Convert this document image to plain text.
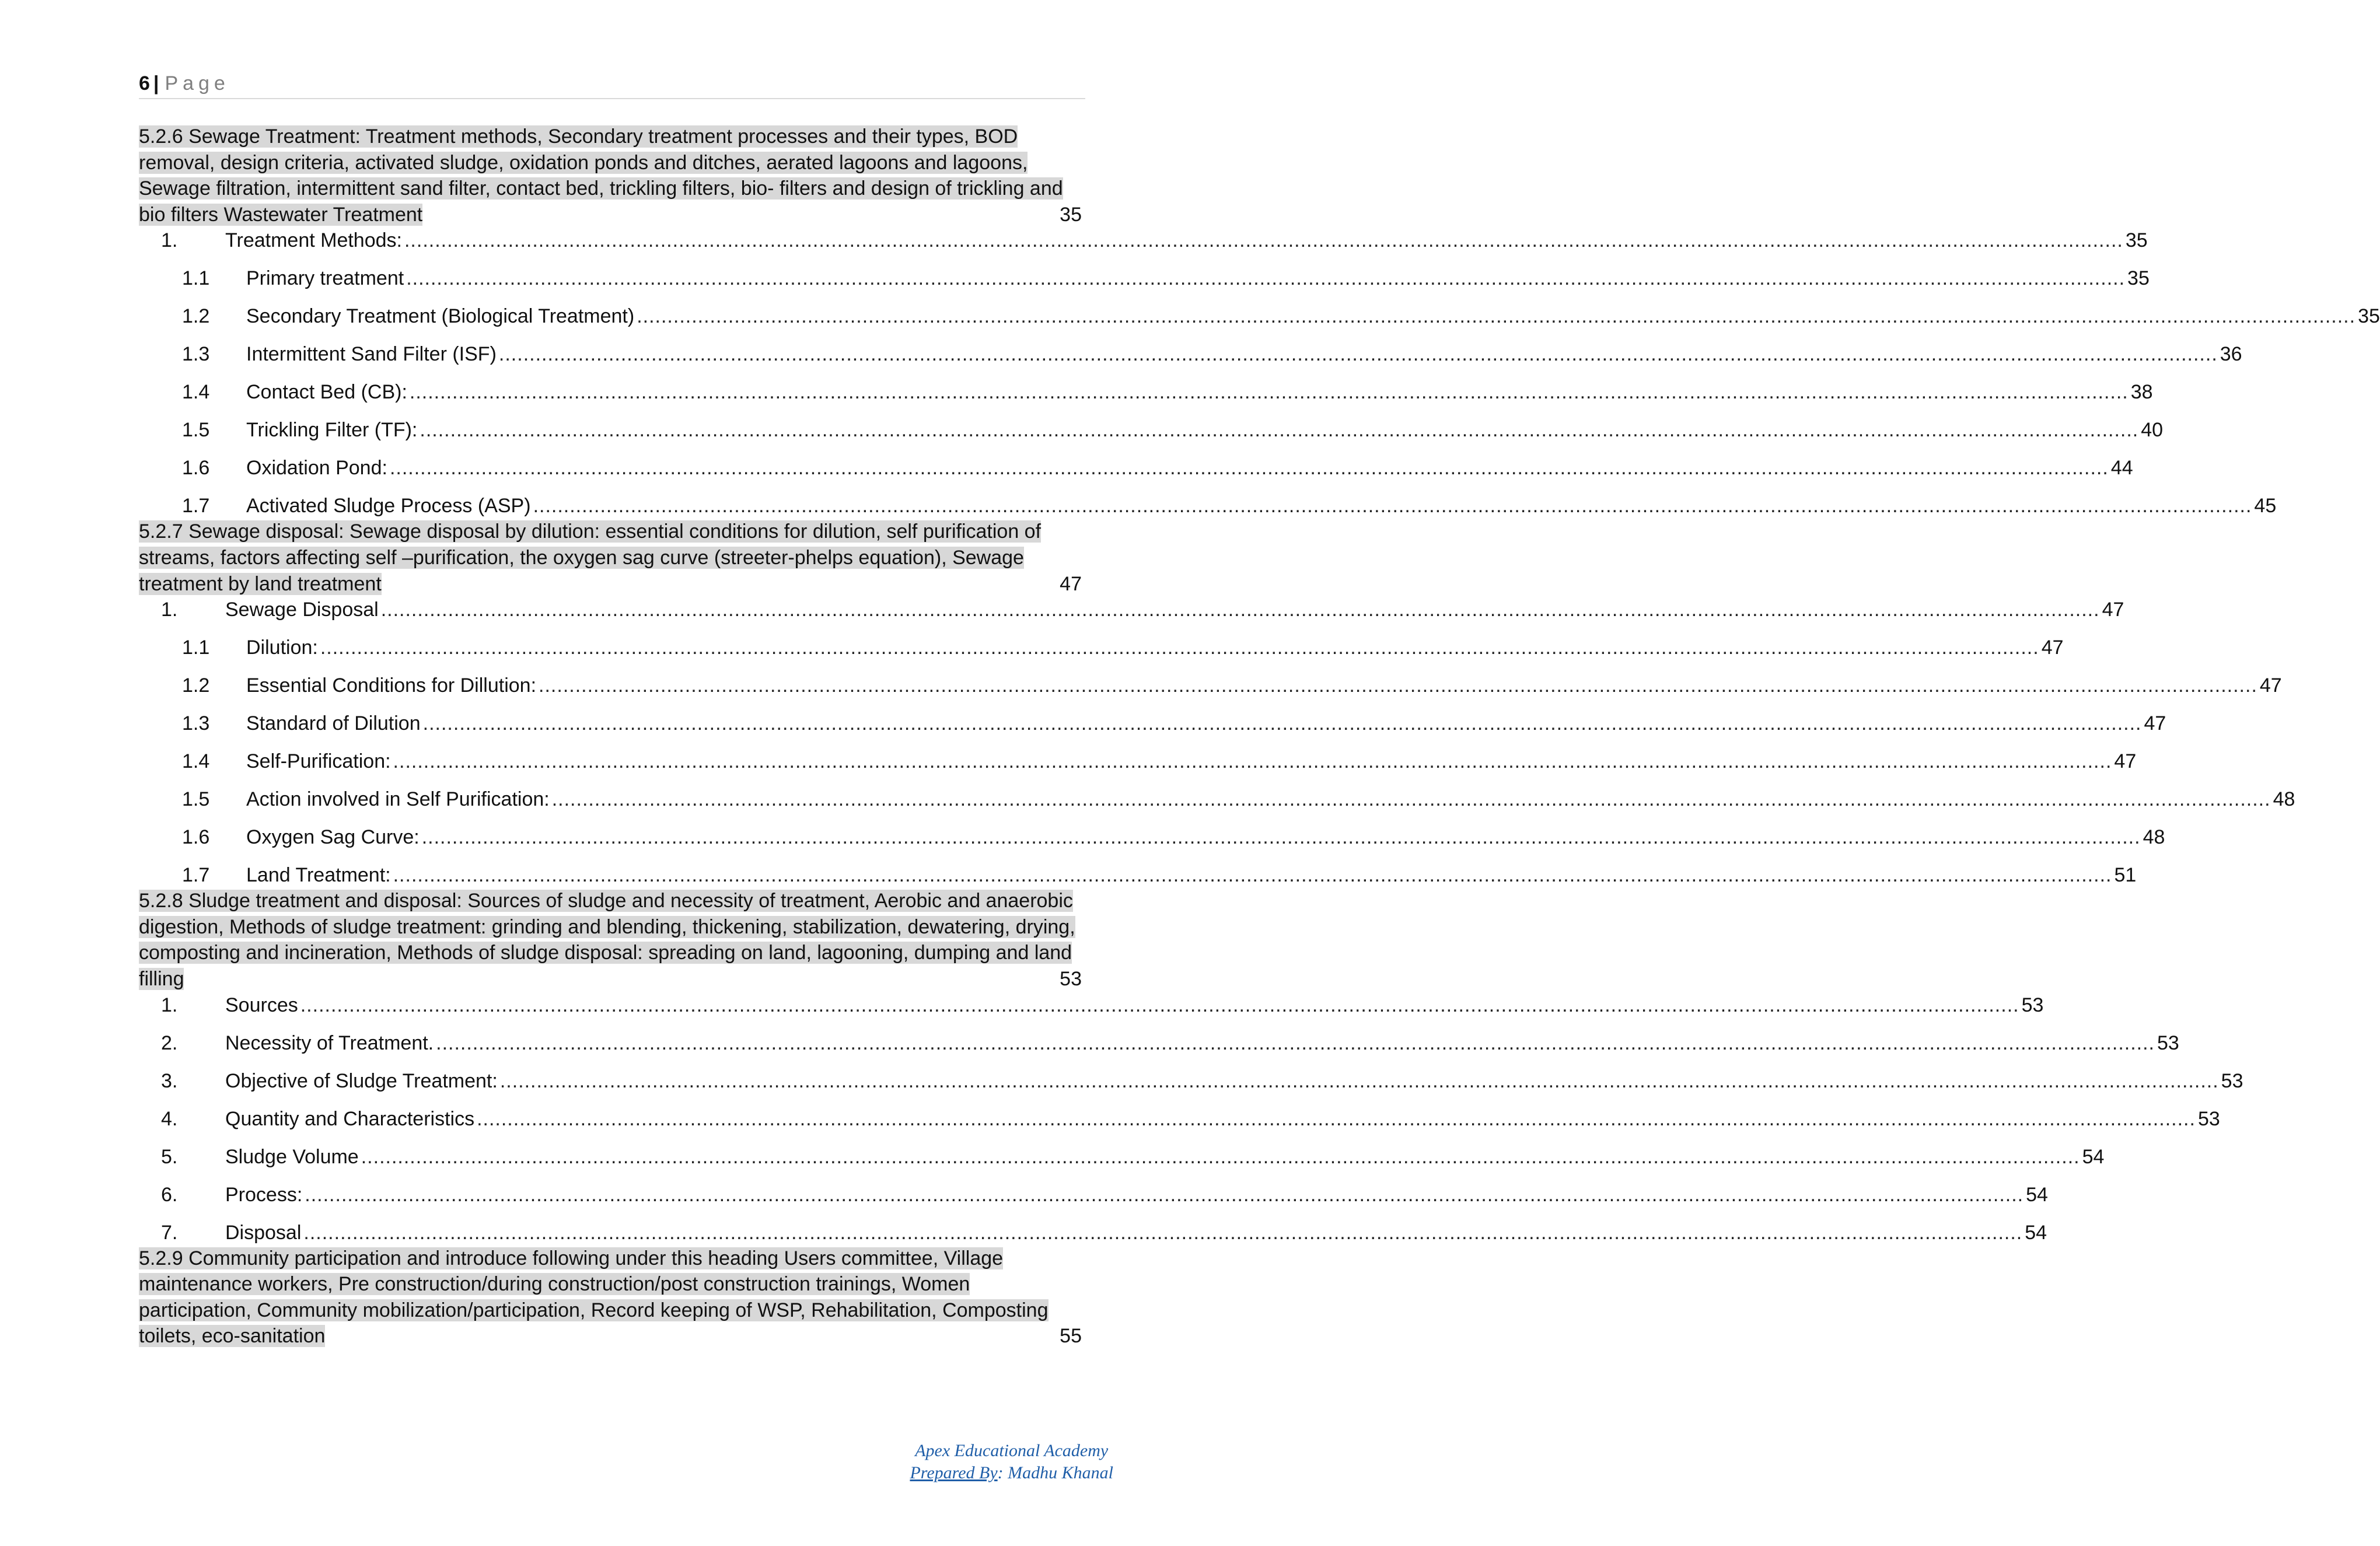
6 | Page
5.2.6 Sewage Treatment: Treatment methods, Secondary treatment processes and their types, BOD removal, design criteria, activated sludge, oxidation ponds and ditches, aerated lagoons and lagoons, Sewage filtration, intermittent sand filter, contact bed, trickling filters, bio- filters and design of trickling and bio filters Wastewater Treatment	35
1.	Treatment Methods: .......................................................................................................................................................................................................................................................................................... 35
1.1	Primary treatment .......................................................................................................................................................................................................................................................................................... 35
1.2	Secondary Treatment (Biological Treatment) .......................................................................................................................................................................................................................................................................................... 35
1.3	Intermittent Sand Filter (ISF) .......................................................................................................................................................................................................................................................................................... 36
1.4	Contact Bed (CB): .......................................................................................................................................................................................................................................................................................... 38
1.5	Trickling Filter (TF): .......................................................................................................................................................................................................................................................................................... 40
1.6	Oxidation Pond: .......................................................................................................................................................................................................................................................................................... 44
1.7	Activated Sludge Process (ASP) .......................................................................................................................................................................................................................................................................................... 45
5.2.7 Sewage disposal: Sewage disposal by dilution: essential conditions for dilution, self purification of streams, factors affecting self –purification, the oxygen sag curve (streeter-phelps equation), Sewage treatment by land treatment	47
1.	Sewage Disposal .......................................................................................................................................................................................................................................................................................... 47
1.1	Dilution: .......................................................................................................................................................................................................................................................................................... 47
1.2	Essential Conditions for Dillution: .......................................................................................................................................................................................................................................................................................... 47
1.3	Standard of Dilution .......................................................................................................................................................................................................................................................................................... 47
1.4	Self-Purification: .......................................................................................................................................................................................................................................................................................... 47
1.5	Action involved in Self Purification: .......................................................................................................................................................................................................................................................................................... 48
1.6	Oxygen Sag Curve: .......................................................................................................................................................................................................................................................................................... 48
1.7	Land Treatment: .......................................................................................................................................................................................................................................................................................... 51
5.2.8 Sludge treatment and disposal: Sources of sludge and necessity of treatment, Aerobic and anaerobic digestion, Methods of sludge treatment: grinding and blending, thickening, stabilization, dewatering, drying, composting and incineration, Methods of sludge disposal: spreading on land, lagooning, dumping and land filling	53
1.	Sources .......................................................................................................................................................................................................................................................................................... 53
2.	Necessity of Treatment. .......................................................................................................................................................................................................................................................................................... 53
3.	Objective of Sludge Treatment: .......................................................................................................................................................................................................................................................................................... 53
4.	Quantity and Characteristics .......................................................................................................................................................................................................................................................................................... 53
5.	Sludge Volume .......................................................................................................................................................................................................................................................................................... 54
6.	Process: .......................................................................................................................................................................................................................................................................................... 54
7.	Disposal .......................................................................................................................................................................................................................................................................................... 54
5.2.9 Community participation and introduce following under this heading Users committee, Village maintenance workers, Pre construction/during construction/post construction trainings, Women participation, Community mobilization/participation, Record keeping of WSP, Rehabilitation, Composting toilets, eco-sanitation	55
Apex Educational Academy
Prepared By: Madhu Khanal
